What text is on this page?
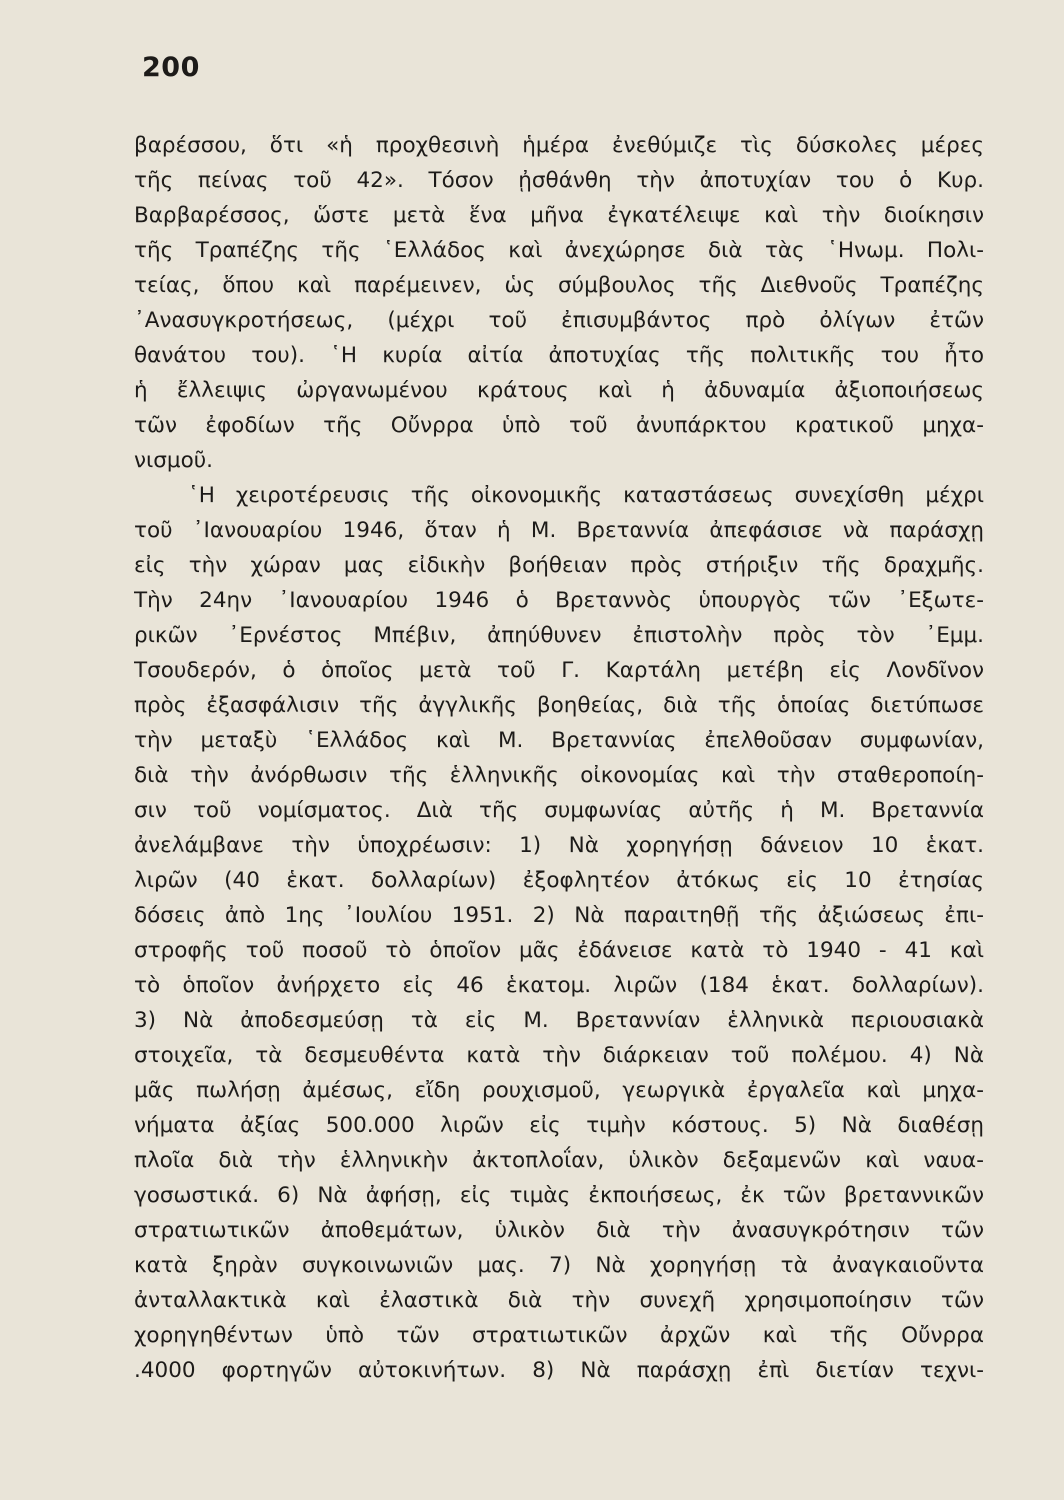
200
βαρέσσου, ὅτι «ἡ προχθεσινὴ ἡμέρα ἐνεθύμιζε τὶς δύσκολες μέρες
τῆς πείνας τοῦ 42». Τόσον ᾐσθάνθη τὴν ἀποτυχίαν του ὁ Κυρ.
Βαρβαρέσσος, ὥστε μετὰ ἕνα μῆνα ἐγκατέλειψε καὶ τὴν διοίκησιν
τῆς Τραπέζης τῆς ῾Ελλάδος καὶ ἀνεχώρησε διὰ τὰς ῾Ηνωμ. Πολι-
τείας, ὅπου καὶ παρέμεινεν, ὡς σύμβουλος τῆς Διεθνοῦς Τραπέζης
᾿Ανασυγκροτήσεως, (μέχρι τοῦ ἐπισυμβάντος πρὸ ὀλίγων ἐτῶν
θανάτου του). ῾Η κυρία αἰτία ἀποτυχίας τῆς πολιτικῆς του ἦτο
ἡ ἔλλειψις ὠργανωμένου κράτους καὶ ἡ ἀδυναμία ἀξιοποιήσεως
τῶν ἐφοδίων τῆς Οὔνρρα ὑπὸ τοῦ ἀνυπάρκτου κρατικοῦ μηχα-
νισμοῦ.
῾Η χειροτέρευσις τῆς οἰκονομικῆς καταστάσεως συνεχίσθη μέχρι
τοῦ ᾿Ιανουαρίου 1946, ὅταν ἡ Μ. Βρεταννία ἀπεφάσισε νὰ παράσχῃ
εἰς τὴν χώραν μας εἰδικὴν βοήθειαν πρὸς στήριξιν τῆς δραχμῆς.
Τὴν 24ην ᾿Ιανουαρίου 1946 ὁ Βρεταννὸς ὑπουργὸς τῶν ᾿Εξωτε-
ρικῶν ᾿Ερνέστος Μπέβιν, ἀπηύθυνεν ἐπιστολὴν πρὸς τὸν ᾿Εμμ.
Τσουδερόν, ὁ ὁποῖος μετὰ τοῦ Γ. Καρτάλη μετέβη εἰς Λονδῖνον
πρὸς ἐξασφάλισιν τῆς ἀγγλικῆς βοηθείας, διὰ τῆς ὁποίας διετύπωσε
τὴν μεταξὺ ῾Ελλάδος καὶ Μ. Βρεταννίας ἐπελθοῦσαν συμφωνίαν,
διὰ τὴν ἀνόρθωσιν τῆς ἑλληνικῆς οἰκονομίας καὶ τὴν σταθεροποίη-
σιν τοῦ νομίσματος. Διὰ τῆς συμφωνίας αὐτῆς ἡ Μ. Βρεταννία
ἀνελάμβανε τὴν ὑποχρέωσιν: 1) Νὰ χορηγήσῃ δάνειον 10 ἑκατ.
λιρῶν (40 ἑκατ. δολλαρίων) ἐξοφλητέον ἀτόκως εἰς 10 ἐτησίας
δόσεις ἀπὸ 1ης ᾿Ιουλίου 1951. 2) Νὰ παραιτηθῇ τῆς ἀξιώσεως ἐπι-
στροφῆς τοῦ ποσοῦ τὸ ὁποῖον μᾶς ἐδάνεισε κατὰ τὸ 1940 - 41 καὶ
τὸ ὁποῖον ἀνήρχετο εἰς 46 ἑκατομ. λιρῶν (184 ἑκατ. δολλαρίων).
3) Νὰ ἀποδεσμεύσῃ τὰ εἰς Μ. Βρεταννίαν ἑλληνικὰ περιουσιακὰ
στοιχεῖα, τὰ δεσμευθέντα κατὰ τὴν διάρκειαν τοῦ πολέμου. 4) Νὰ
μᾶς πωλήσῃ ἀμέσως, εἴδη ρουχισμοῦ, γεωργικὰ ἐργαλεῖα καὶ μηχα-
νήματα ἀξίας 500.000 λιρῶν εἰς τιμὴν κόστους. 5) Νὰ διαθέσῃ
πλοῖα διὰ τὴν ἑλληνικὴν ἀκτοπλοΐαν, ὑλικὸν δεξαμενῶν καὶ ναυα-
γοσωστικά. 6) Νὰ ἀφήσῃ, εἰς τιμὰς ἐκποιήσεως, ἐκ τῶν βρεταννικῶν
στρατιωτικῶν ἀποθεμάτων, ὑλικὸν διὰ τὴν ἀνασυγκρότησιν τῶν
κατὰ ξηρὰν συγκοινωνιῶν μας. 7) Νὰ χορηγήσῃ τὰ ἀναγκαιοῦντα
ἀνταλλακτικὰ καὶ ἐλαστικὰ διὰ τὴν συνεχῆ χρησιμοποίησιν τῶν
χορηγηθέντων ὑπὸ τῶν στρατιωτικῶν ἀρχῶν καὶ τῆς Οὔνρρα
.4000 φορτηγῶν αὐτοκινήτων. 8) Νὰ παράσχῃ ἐπὶ διετίαν τεχνι-
